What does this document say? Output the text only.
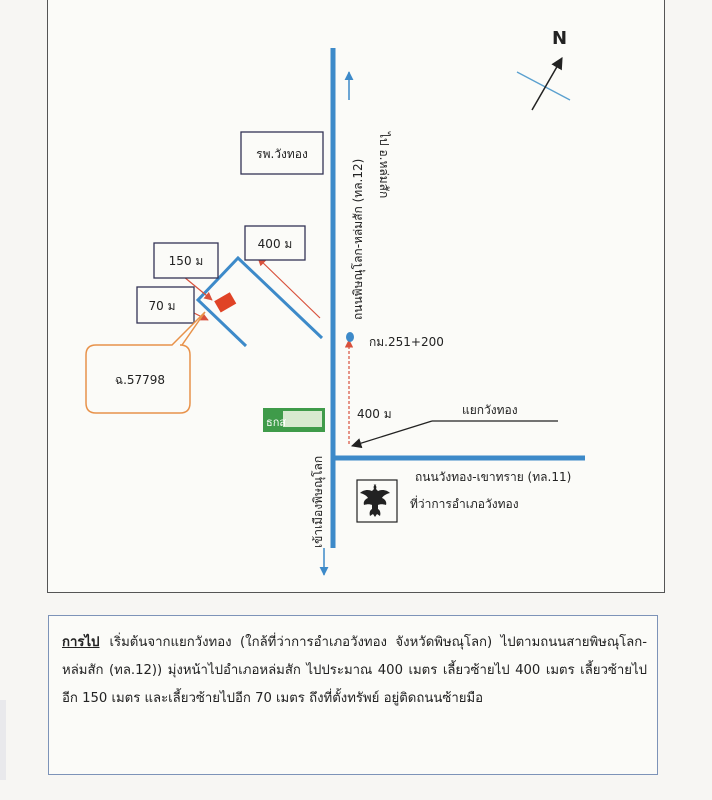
N
รพ.วังทอง
400 ม
150 ม
70 ม
ฉ.57798
กม.251+200
400 ม	แยกวังทอง
ถนนวังทอง-เขาทราย (ทล.11)
ที่ว่าการอำเภอวังทอง
ถนนพิษณุโลก-หล่มสัก (ทล.12) ไป อ.หล่มสัก
เข้าเมืองพิษณุโลก
ธกส
การไป เริ่มต้นจากแยกวังทอง (ใกล้ที่ว่าการอำเภอวังทอง จังหวัดพิษณุโลก) ไปตามถนนสายพิษณุโลก-หล่มสัก (ทล.12)) มุ่งหน้าไปอำเภอหล่มสัก ไปประมาณ 400 เมตร เลี้ยวซ้ายไป 400 เมตร เลี้ยวซ้ายไปอีก 150 เมตร และเลี้ยวซ้ายไปอีก 70 เมตร ถึงที่ตั้งทรัพย์ อยู่ติดถนนซ้ายมือ
